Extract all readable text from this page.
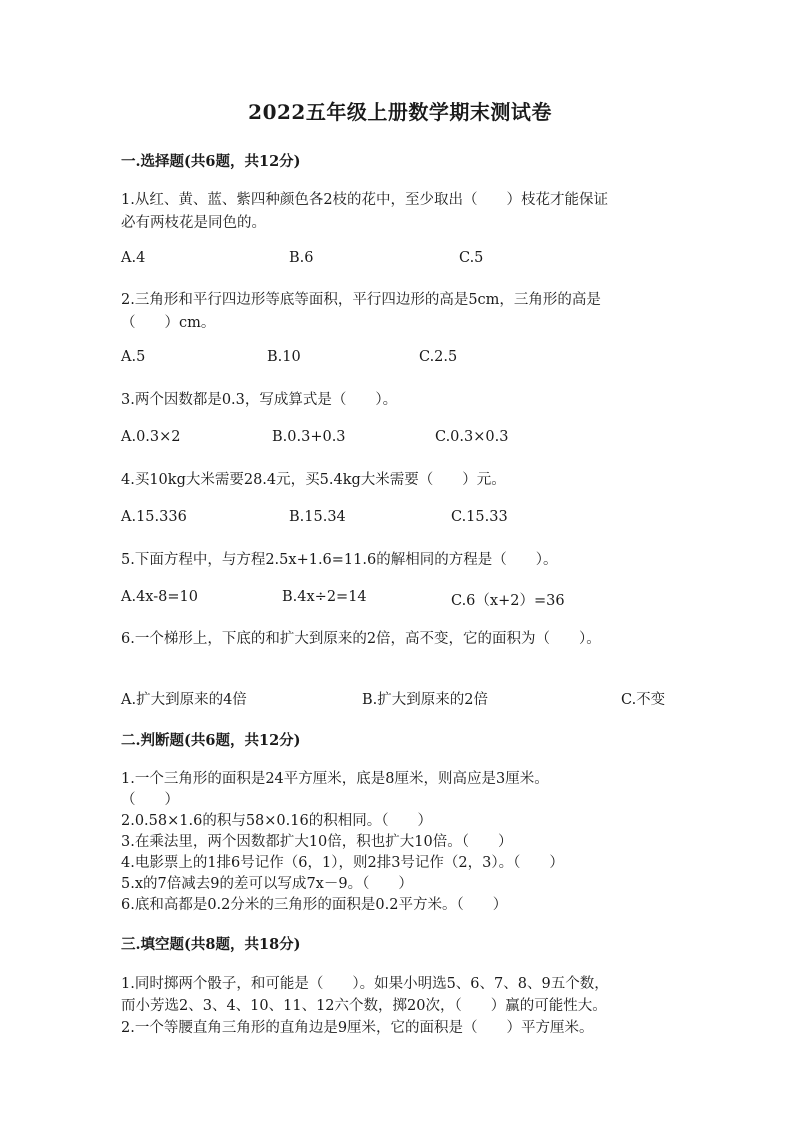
2022五年级上册数学期末测试卷
一.选择题(共6题，共12分)
1.从红、黄、蓝、紫四种颜色各2枝的花中，至少取出（　　）枝花才能保证
必有两枝花是同色的。
A.4	B.6	C.5
2.三角形和平行四边形等底等面积，平行四边形的高是5cm，三角形的高是
（　　）cm。
A.5	B.10	C.2.5
3.两个因数都是0.3，写成算式是（　　）。
A.0.3×2	B.0.3+0.3	C.0.3×0.3
4.买10kg大米需要28.4元，买5.4kg大米需要（　　）元。
A.15.336	B.15.34	C.15.33
5.下面方程中，与方程2.5x+1.6=11.6的解相同的方程是（　　）。
A.4x-8=10	B.4x÷2=14	C.6（x+2）=36
6.一个梯形上，下底的和扩大到原来的2倍，高不变，它的面积为（　　）。
A.扩大到原来的4倍	B.扩大到原来的2倍	C.不变
二.判断题(共6题，共12分)
1.一个三角形的面积是24平方厘米，底是8厘米，则高应是3厘米。
（　　）
2.0.58×1.6的积与58×0.16的积相同。（　　）
3.在乘法里，两个因数都扩大10倍，积也扩大10倍。（　　）
4.电影票上的1排6号记作（6，1），则2排3号记作（2，3）。（　　）
5.x的7倍减去9的差可以写成7x－9。（　　）
6.底和高都是0.2分米的三角形的面积是0.2平方米。（　　）
三.填空题(共8题，共18分)
1.同时掷两个骰子，和可能是（　　）。如果小明选5、6、7、8、9五个数，
而小芳选2、3、4、10、11、12六个数，掷20次，（　　）赢的可能性大。
2.一个等腰直角三角形的直角边是9厘米，它的面积是（　　）平方厘米。
